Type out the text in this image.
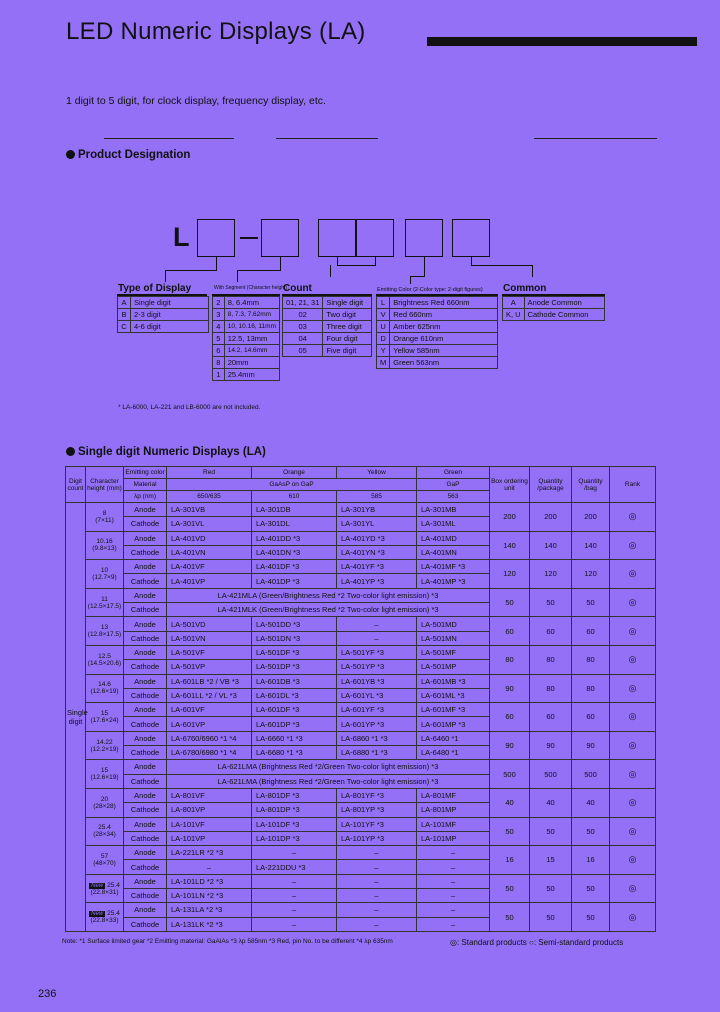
LED Numeric Displays (LA)
1 digit to 5 digit, for clock display, frequency display, etc.
Product Designation
L
Type of Display
A	Single digit
B	2-3 digit
C	4-6 digit
With Segment (Character height)
2	8, 6.4mm
3	8, 7.3, 7.62mm
4	10, 10.16, 11mm
5	12.5, 13mm
6	14.2, 14.6mm
8	20mm
1	25.4mm
Count
01, 21, 31	Single digit
02	Two digit
03	Three digit
04	Four digit
05	Five digit
Emitting Color (2-Color type: 2-digit figures)
L	Brightness Red 660nm
V	Red 660nm
U	Amber 625nm
D	Orange 610nm
Y	Yellow 585nm
M	Green 563nm
Common
A	Anode Common
K, U	Cathode Common
* LA-6000, LA-221 and LB-6000 are not included.
Single digit Numeric Displays (LA)
Digit count	Character height (mm)	Emitting color	Red	Orange	Yellow	Green	Box ordering unit	Quantity /package	Quantity /bag	Rank
		Material	GaAsP on GaP			GaP				
		λp (nm)	650/635	610	585	563				
Single digit	8
(7×11)	Anode	LA-301VB	LA-301DB	LA-301YB	LA-301MB	200	200	200	◎
		Cathode	LA-301VL	LA-301DL	LA-301YL	LA-301ML				
	10.16
(9.8×13)	Anode	LA-401VD	LA-401DD *3	LA-401YD *3	LA-401MD	140	140	140	◎
		Cathode	LA-401VN	LA-401DN *3	LA-401YN *3	LA-401MN				
	10
(12.7×9)	Anode	LA-401VF	LA-401DF *3	LA-401YF *3	LA-401MF *3	120	120	120	◎
		Cathode	LA-401VP	LA-401DP *3	LA-401YP *3	LA-401MP *3				
	11
(12.5×17.5)	Anode	LA-421MLA (Green/Brightness Red *2 Two-color light emission) *3				50	50	50	◎
		Cathode	LA-421MLK (Green/Brightness Red *2 Two-color light emission) *3							
	13
(12.8×17.5)	Anode	LA-501VD	LA-501DD *3	–	LA-501MD	60	60	60	◎
		Cathode	LA-501VN	LA-501DN *3	–	LA-501MN				
	12.5
(14.5×20.6)	Anode	LA-501VF	LA-501DF *3	LA-501YF *3	LA-501MF	80	80	80	◎
		Cathode	LA-501VP	LA-501DP *3	LA-501YP *3	LA-501MP				
	14.6
(12.6×19)	Anode	LA-601LB *2 / VB *3	LA-601DB *3	LA-601YB *3	LA-601MB *3	90	80	80	◎
		Cathode	LA-601LL *2 / VL *3	LA-601DL *3	LA-601YL *3	LA-601ML *3				
	15
(17.6×24)	Anode	LA-601VF	LA-601DF *3	LA-601YF *3	LA-601MF *3	60	60	60	◎
		Cathode	LA-601VP	LA-601DP *3	LA-601YP *3	LA-601MP *3				
	14.22
(12.2×19)	Anode	LA-6760/6960 *1 *4	LA-6660 *1 *3	LA-6860 *1 *3	LA-6460 *1	90	90	90	◎
		Cathode	LA-6780/6980 *1 *4	LA-6680 *1 *3	LA-6880 *1 *3	LA-6480 *1				
	15
(12.6×19)	Anode	LA-621LMA (Brightness Red *2/Green Two-color light emission) *3				500	500	500	◎
		Cathode	LA-621LMA (Brightness Red *2/Green Two-color light emission) *3							
	20
(28×28)	Anode	LA-801VF	LA-801DF *3	LA-801YF *3	LA-801MF	40	40	40	◎
		Cathode	LA-801VP	LA-801DP *3	LA-801YP *3	LA-801MP				
	25.4
(28×34)	Anode	LA-101VF	LA-101DF *3	LA-101YF *3	LA-101MF	50	50	50	◎
		Cathode	LA-101VP	LA-101DP *3	LA-101YP *3	LA-101MP				
	57
(48×70)	Anode	LA-221LR *2 *3	–	–	–	16	15	16	◎
		Cathode	–	LA-221DDU *3	–	–				
	New 25.4
(22.8×31)	Anode	LA-101LD *2 *3	–	–	–	50	50	50	◎
		Cathode	LA-101LN *2 *3	–	–	–				
	New 25.4
(22.8×33)	Anode	LA-131LA *2 *3	–	–	–	50	50	50	◎
		Cathode	LA-131LK *2 *3	–	–	–				
Note: *1 Surface limited gear *2 Emitting material: GaAlAs *3 λp 585nm *3 Red, pin No. to be different *4 λp 635nm	◎: Standard products ○: Semi-standard products
236
